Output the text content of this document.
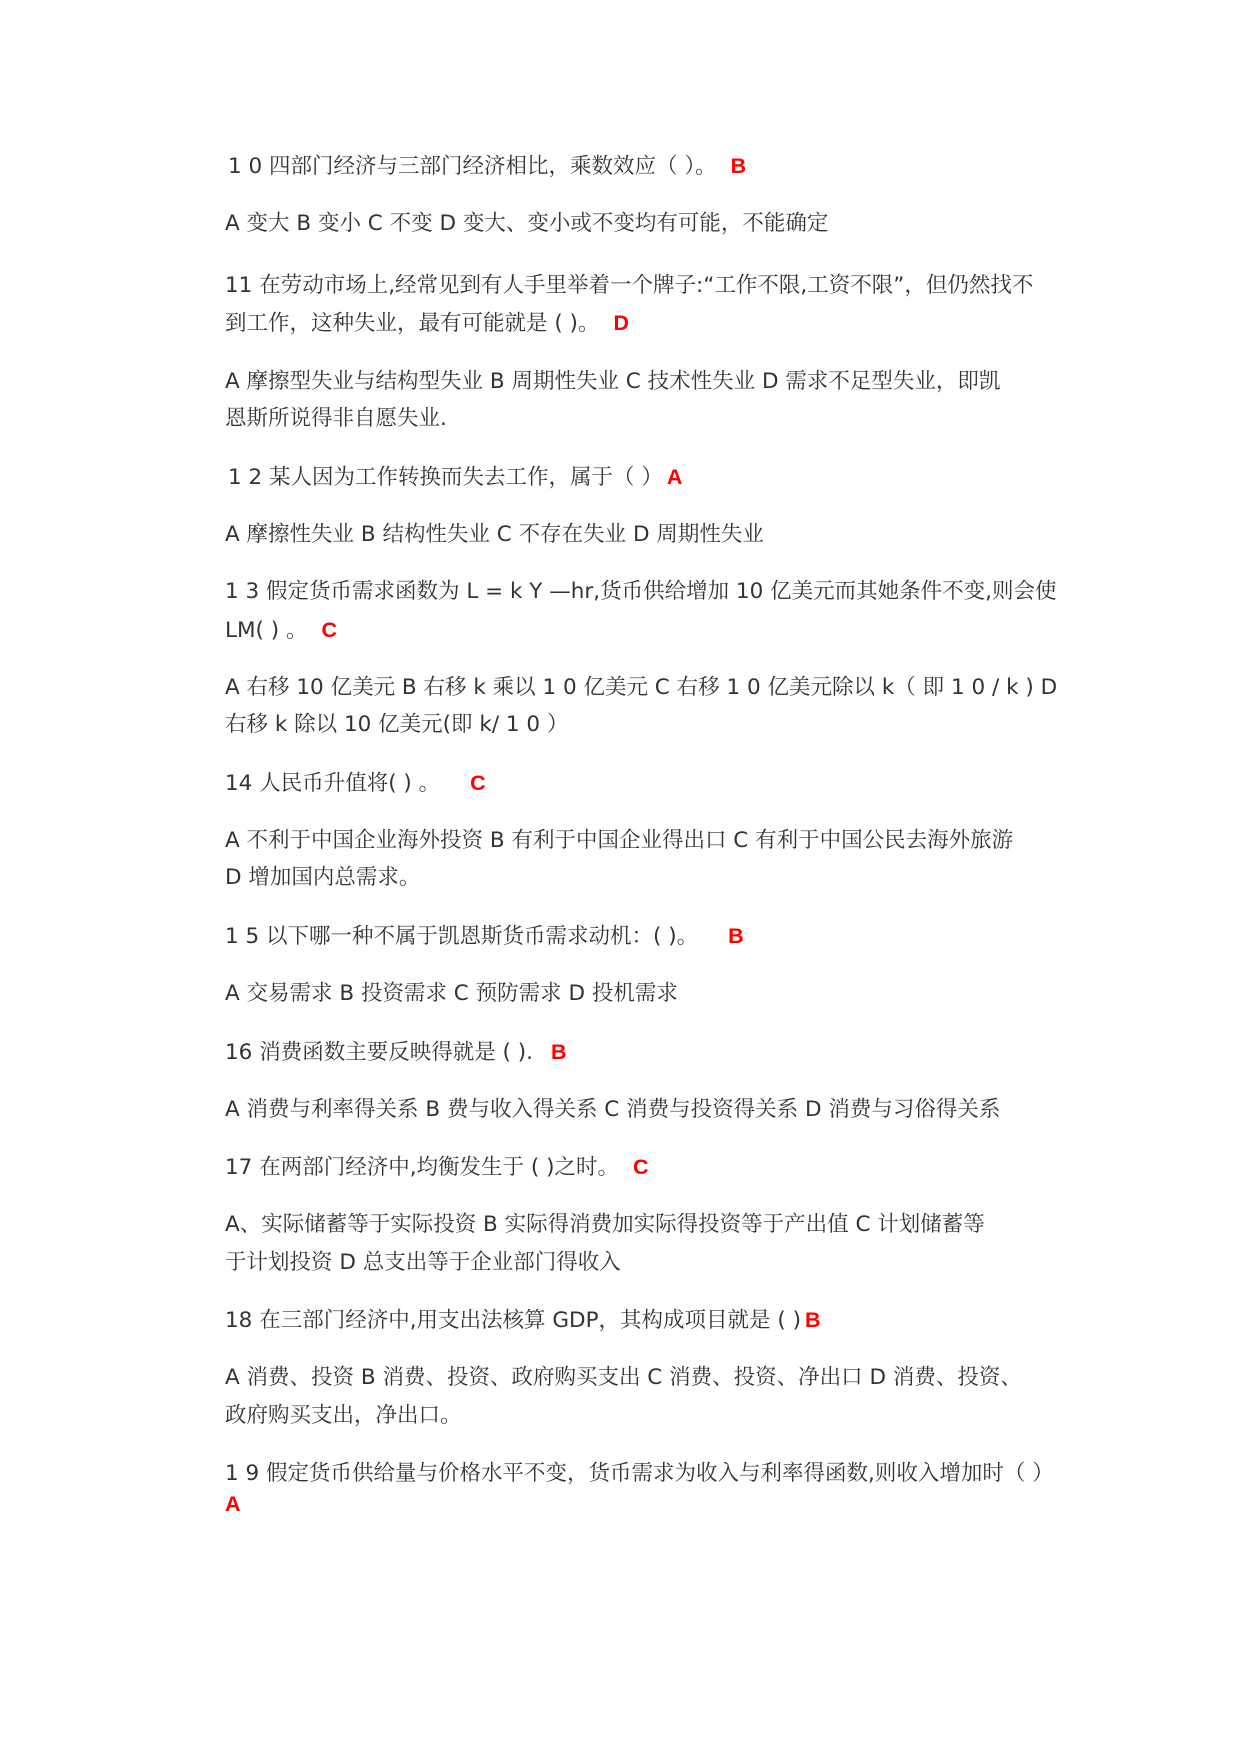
1 0 四部门经济与三部门经济相比，乘数效应（ ）。 B
A 变大 B 变小 C 不变 D 变大、变小或不变均有可能，不能确定
11 在劳动市场上,经常见到有人手里举着一个牌子:“工作不限,工资不限”，但仍然找不
到工作，这种失业，最有可能就是 ( )。 D
A 摩擦型失业与结构型失业 B 周期性失业 C 技术性失业 D 需求不足型失业，即凯
恩斯所说得非自愿失业.
1 2 某人因为工作转换而失去工作，属于（ ） A
A 摩擦性失业 B 结构性失业 C 不存在失业 D 周期性失业
1 3 假定货币需求函数为 L = k Y —hr,货币供给增加 10 亿美元而其她条件不变,则会使
LM( ) 。 C
A 右移 10 亿美元 B 右移 k 乘以 1 0 亿美元 C 右移 1 0 亿美元除以 k（ 即 1 0 / k ) D
右移 k 除以 10 亿美元(即 k/ 1 0 ）
14 人民币升值将( ) 。 C
A 不利于中国企业海外投资 B 有利于中国企业得出口 C 有利于中国公民去海外旅游
D 增加国内总需求。
1 5 以下哪一种不属于凯恩斯货币需求动机：( )。 B
A 交易需求 B 投资需求 C 预防需求 D 投机需求
16 消费函数主要反映得就是 ( ). B
A 消费与利率得关系 B 费与收入得关系 C 消费与投资得关系 D 消费与习俗得关系
17 在两部门经济中,均衡发生于 ( )之时。 C
A、实际储蓄等于实际投资 B 实际得消费加实际得投资等于产出值 C 计划储蓄等
于计划投资 D 总支出等于企业部门得收入
18 在三部门经济中,用支出法核算 GDP，其构成项目就是 ( ) B
A 消费、投资 B 消费、投资、政府购买支出 C 消费、投资、净出口 D 消费、投资、
政府购买支出，净出口。
1 9 假定货币供给量与价格水平不变，货币需求为收入与利率得函数,则收入增加时（ ）
A
